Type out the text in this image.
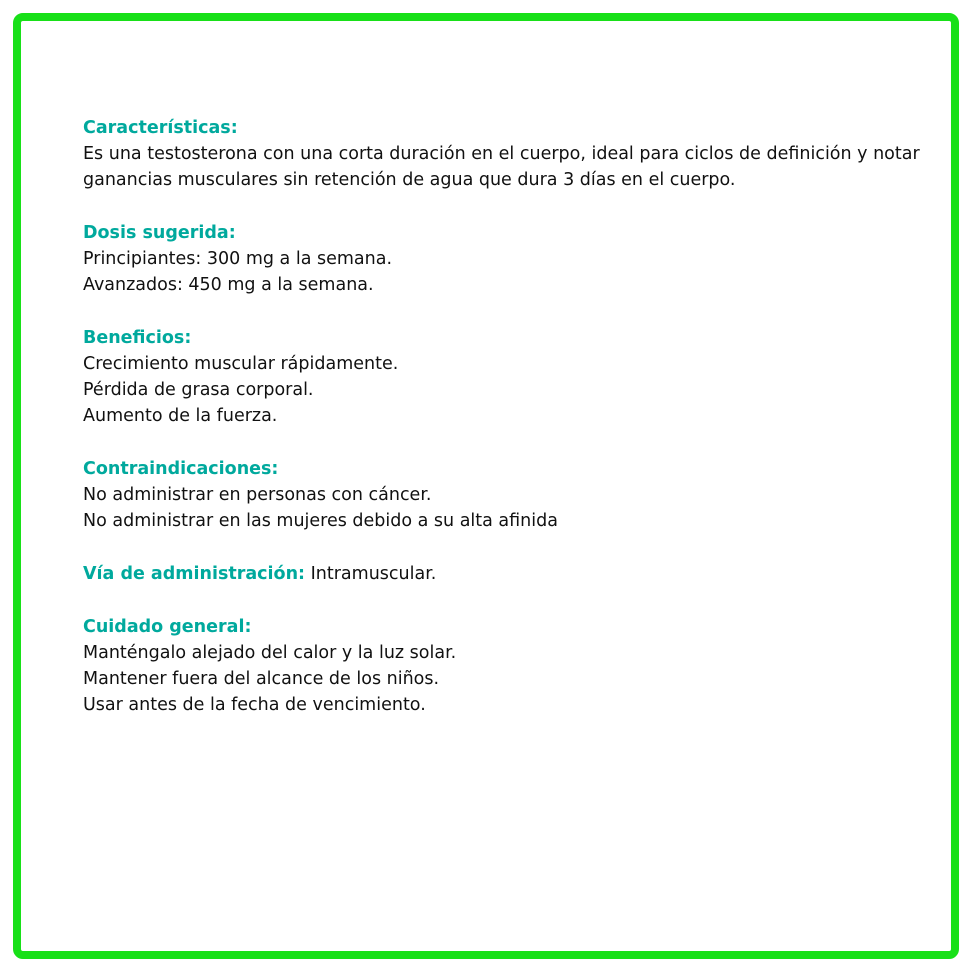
Características:
Es una testosterona con una corta duración en el cuerpo, ideal para ciclos de definición y notar
ganancias musculares sin retención de agua que dura 3 días en el cuerpo.
Dosis sugerida:
Principiantes: 300 mg a la semana.
Avanzados: 450 mg a la semana.
Beneficios:
Crecimiento muscular rápidamente.
Pérdida de grasa corporal.
Aumento de la fuerza.
Contraindicaciones:
No administrar en personas con cáncer.
No administrar en las mujeres debido a su alta afinida
Vía de administración: Intramuscular.
Cuidado general:
Manténgalo alejado del calor y la luz solar.
Mantener fuera del alcance de los niños.
Usar antes de la fecha de vencimiento.
